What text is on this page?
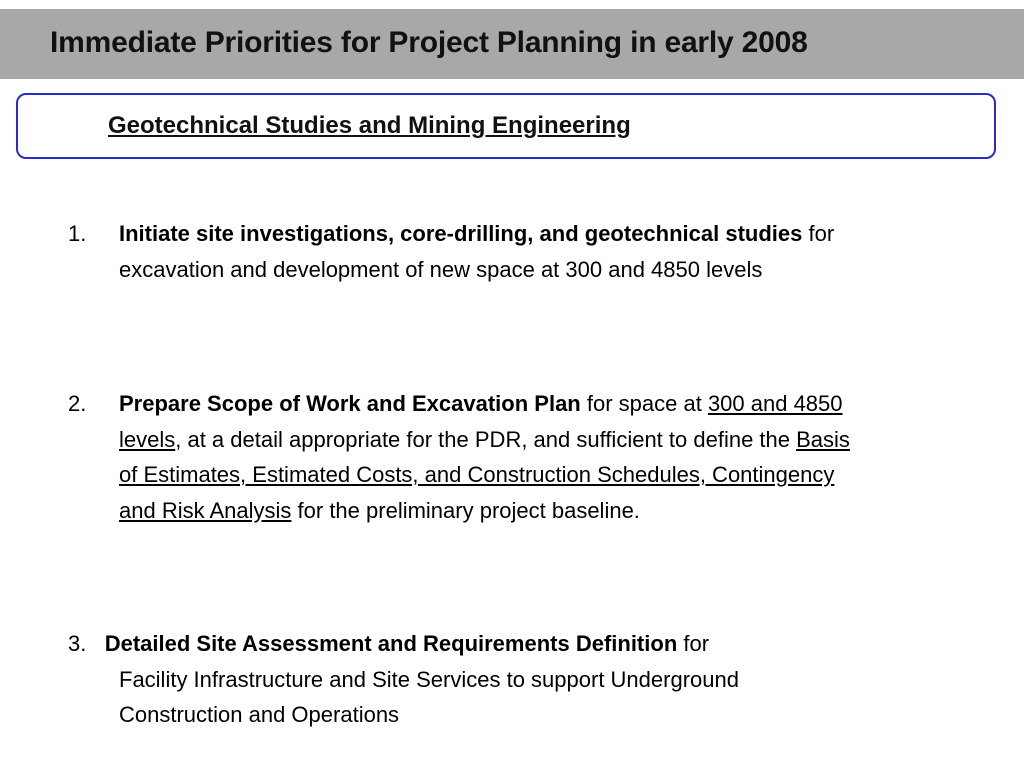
Immediate Priorities for Project Planning in early 2008
Geotechnical Studies and Mining Engineering
1. Initiate site investigations, core-drilling, and geotechnical studies for excavation and development of new space at 300 and 4850 levels
2. Prepare Scope of Work and Excavation Plan for space at 300 and 4850 levels, at a detail appropriate for the PDR, and sufficient to define the Basis of Estimates, Estimated Costs, and Construction Schedules, Contingency and Risk Analysis for the preliminary project baseline.
3. Detailed Site Assessment and Requirements Definition for
Facility Infrastructure and Site Services to support Underground Construction and Operations
